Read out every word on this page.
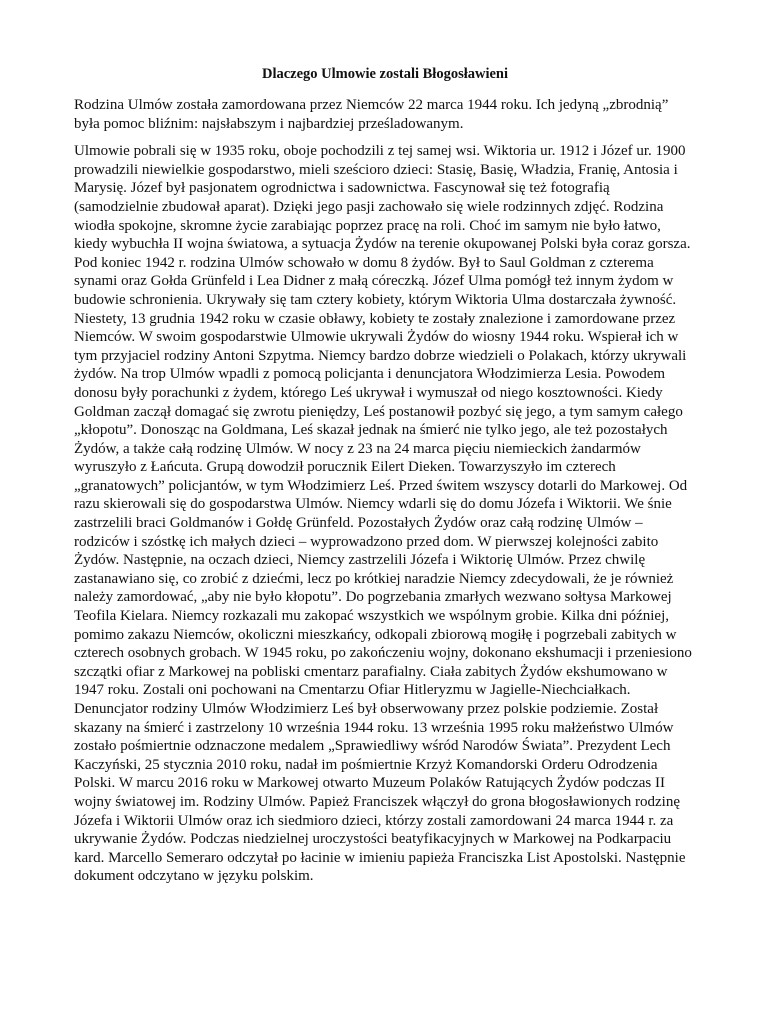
Dlaczego Ulmowie zostali Błogosławieni

Rodzina Ulmów została zamordowana przez Niemców 22 marca 1944 roku. Ich jedyną „zbrodnią” była pomoc bliźnim: najsłabszym i najbardziej prześladowanym.

Ulmowie pobrali się w 1935 roku, oboje pochodzili z tej samej wsi. Wiktoria ur. 1912 i Józef ur. 1900 prowadzili niewielkie gospodarstwo, mieli sześcioro dzieci: Stasię, Basię, Władzia, Franię, Antosia i Marysię. Józef był pasjonatem ogrodnictwa i sadownictwa. Fascynował się też fotografią (samodzielnie zbudował aparat). Dzięki jego pasji zachowało się wiele rodzinnych zdjęć. Rodzina wiodła spokojne, skromne życie zarabiając poprzez pracę na roli. Choć im samym nie było łatwo, kiedy wybuchła II wojna światowa, a sytuacja Żydów na terenie okupowanej Polski była coraz gorsza. Pod koniec 1942 r. rodzina Ulmów schowało w domu 8 żydów. Był to Saul Goldman z czterema synami oraz Gołda Grünfeld i Lea Didner z małą córeczką. Józef Ulma pomógł też innym żydom w budowie schronienia. Ukrywały się tam cztery kobiety, którym Wiktoria Ulma dostarczała żywność. Niestety, 13 grudnia 1942 roku w czasie obławy, kobiety te zostały znalezione i zamordowane przez Niemców. W swoim gospodarstwie Ulmowie ukrywali Żydów do wiosny 1944 roku. Wspierał ich w tym przyjaciel rodziny Antoni Szpytma. Niemcy bardzo dobrze wiedzieli o Polakach, którzy ukrywali żydów. Na trop Ulmów wpadli z pomocą policjanta i denuncjatora Włodzimierza Lesia. Powodem donosu były porachunki z żydem, którego Leś ukrywał i wymuszał od niego kosztowności. Kiedy Goldman zaczął domagać się zwrotu pieniędzy, Leś postanowił pozbyć się jego, a tym samym całego „kłopotu”. Donosząc na Goldmana, Leś skazał jednak na śmierć nie tylko jego, ale też pozostałych Żydów, a także całą rodzinę Ulmów. W nocy z 23 na 24 marca pięciu niemieckich żandarmów wyruszyło z Łańcuta. Grupą dowodził porucznik Eilert Dieken. Towarzyszyło im czterech „granatowych” policjantów, w tym Włodzimierz Leś. Przed świtem wszyscy dotarli do Markowej. Od razu skierowali się do gospodarstwa Ulmów. Niemcy wdarli się do domu Józefa i Wiktorii. We śnie zastrzelili braci Goldmanów i Gołdę Grünfeld. Pozostałych Żydów oraz całą rodzinę Ulmów – rodziców i szóstkę ich małych dzieci – wyprowadzono przed dom. W pierwszej kolejności zabito Żydów. Następnie, na oczach dzieci, Niemcy zastrzelili Józefa i Wiktorię Ulmów. Przez chwilę zastanawiano się, co zrobić z dziećmi, lecz po krótkiej naradzie Niemcy zdecydowali, że je również należy zamordować, „aby nie było kłopotu”. Do pogrzebania zmarłych wezwano sołtysa Markowej Teofila Kielara. Niemcy rozkazali mu zakopać wszystkich we wspólnym grobie. Kilka dni później, pomimo zakazu Niemców, okoliczni mieszkańcy, odkopali zbiorową mogiłę i pogrzebali zabitych w czterech osobnych grobach. W 1945 roku, po zakończeniu wojny, dokonano ekshumacji i przeniesiono szczątki ofiar z Markowej na pobliski cmentarz parafialny. Ciała zabitych Żydów ekshumowano w 1947 roku. Zostali oni pochowani na Cmentarzu Ofiar Hitleryzmu w Jagielle-Niechciałkach. Denuncjator rodziny Ulmów Włodzimierz Leś był obserwowany przez polskie podziemie. Został skazany na śmierć i zastrzelony 10 września 1944 roku. 13 września 1995 roku małżeństwo Ulmów zostało pośmiertnie odznaczone medalem „Sprawiedliwy wśród Narodów Świata”. Prezydent Lech Kaczyński, 25 stycznia 2010 roku, nadał im pośmiertnie Krzyż Komandorski Orderu Odrodzenia Polski. W marcu 2016 roku w Markowej otwarto Muzeum Polaków Ratujących Żydów podczas II wojny światowej im. Rodziny Ulmów. Papież Franciszek włączył do grona błogosławionych rodzinę Józefa i Wiktorii Ulmów oraz ich siedmioro dzieci, którzy zostali zamordowani 24 marca 1944 r. za ukrywanie Żydów. Podczas niedzielnej uroczystości beatyfikacyjnych w Markowej na Podkarpaciu kard. Marcello Semeraro odczytał po łacinie w imieniu papieża Franciszka List Apostolski. Następnie dokument odczytano w języku polskim.
